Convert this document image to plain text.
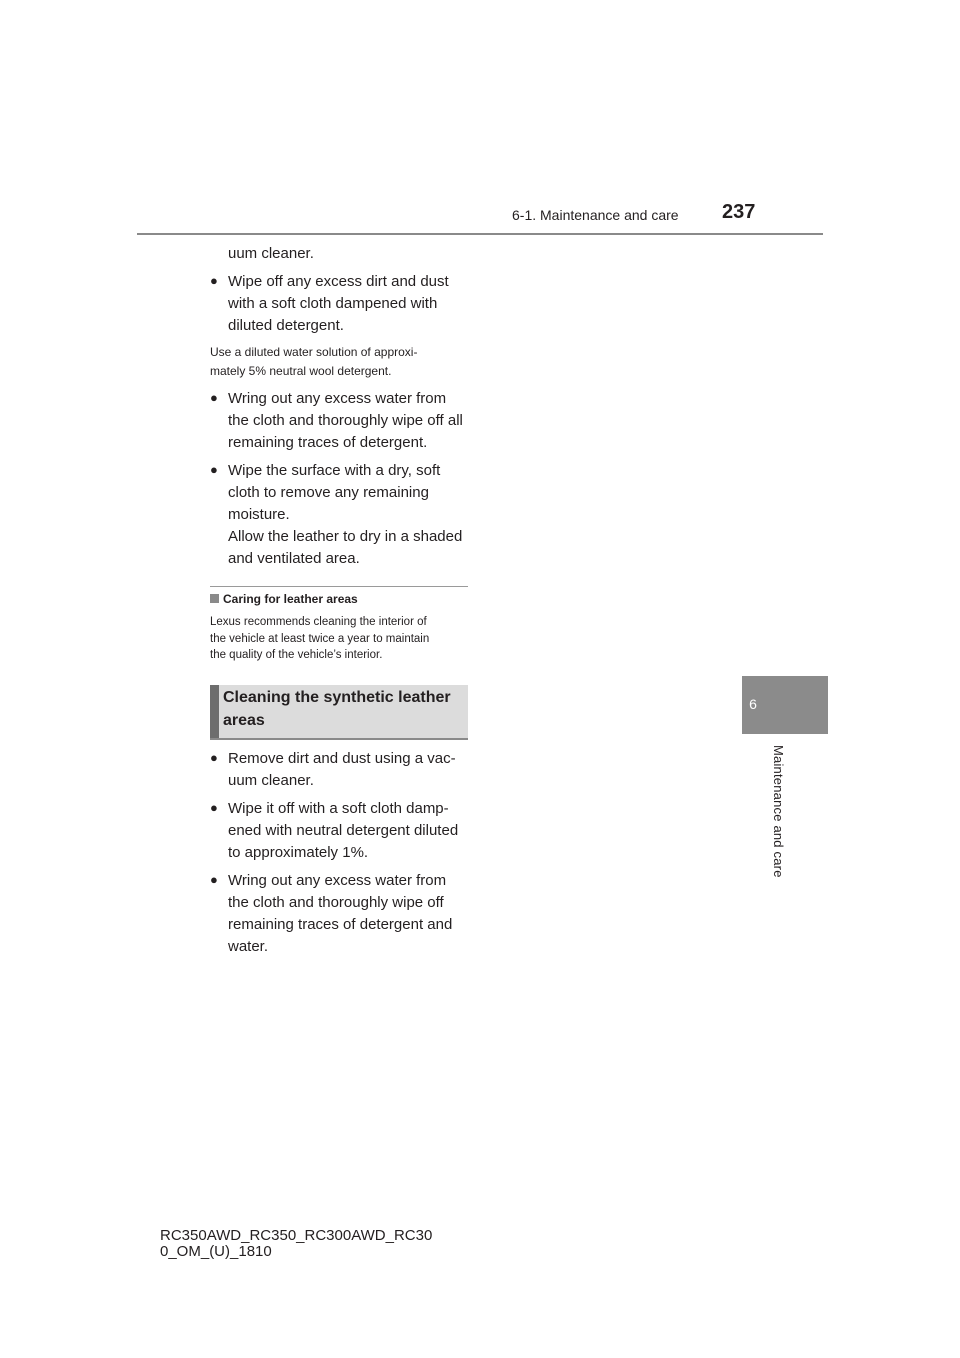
6-1. Maintenance and care 237
6
Maintenance and care
uum cleaner.
● Wipe off any excess dirt and dust
with a soft cloth dampened with
diluted detergent.
Use a diluted water solution of approxi-
mately 5% neutral wool detergent.
● Wring out any excess water from
the cloth and thoroughly wipe off all
remaining traces of detergent.
● Wipe the surface with a dry, soft
cloth to remove any remaining
moisture.
Allow the leather to dry in a shaded
and ventilated area.
Caring for leather areas
Lexus recommends cleaning the interior of
the vehicle at least twice a year to maintain
the quality of the vehicle’s interior.
Cleaning the synthetic leather
areas
● Remove dirt and dust using a vac-
uum cleaner.
● Wipe it off with a soft cloth damp-
ened with neutral detergent diluted
to approximately 1%.
● Wring out any excess water from
the cloth and thoroughly wipe off
remaining traces of detergent and
water.
RC350AWD_RC350_RC300AWD_RC30
0_OM_(U)_1810
